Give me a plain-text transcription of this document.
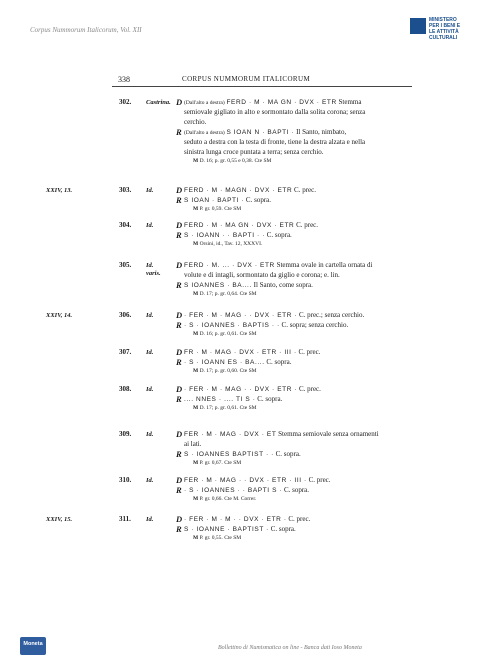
Corpus Nummorum Italicorum, Vol. XII
MINISTERO
PER I BENI E
LE ATTIVITÀ
CULTURALI
338	CORPUS NUMMORUM ITALICORUM
302. Castrina. D (Dall'alto a destra) FERD · M · MA GN · DVX · ETR Stemma
semiovale gigliato in alto e sormontato dalla solita corona; senza
cerchio.
R (Dall'alto a destra) S IOAN N · BAPTI · Il Santo, nimbato,
seduto a destra con la testa di fronte, tiene la destra alzata e nella
sinistra lunga croce puntata a terra; senza cerchio.
M D. 16; p. gr. 0,55 e 0,38. Cte SM
XXIV, 13.	303. Id.	D FERD · M · MAGN · DVX · ETR C. prec.
R S IOAN · BAPTI · C. sopra.
M P. gr. 0,59. Cte SM
304. Id.	D FERD · M · MA GN · DVX · ETR C. prec.
R S · IOANN · · BAPTI · · C. sopra.
M Orsini, id., Tav. 12, XXXVI.
305. Id.
varis.
D FERD · M. ... · DVX · ETR Stemma ovale in cartella ornata di
volute e di intagli, sormontato da giglio e corona; e. lin.
R S IOANNES · BA.... Il Santo, come sopra.
M D. 17; p. gr. 0,64. Cte SM
XXIV, 14.	306. Id.	D · FER · M · MAG · · DVX · ETR · C. prec.; senza cerchio.
R · S · IOANNES · BAPTIS · · C. sopra; senza cerchio.
M D. 16; p. gr. 0,61. Cte SM
307. Id.	D FR · M · MAG · DVX · ETR · III · C. prec.
R · S · IOANN ES · BA.... C. sopra.
M D. 17; p. gr. 0,60. Cte SM
308. Id.	D · FER · M · MAG · · DVX · ETR · C. prec.
R .... NNES · .... TI S · C. sopra.
M D. 17; p. gr. 0,61. Cte SM
309. Id.	D FER · M · MAG · DVX · ET Stemma semiovale senza ornamenti
ai lati.
R S · IOANNES BAPTIST · · C. sopra.
M P. gr. 0,67. Cte SM
310. Id.	D FER · M · MAG · · DVX · ETR · III · C. prec.
R · S · IOANNES · · BAPTI S · C. sopra.
M P. gr. 0,66. Cte M. Correr.
XXIV, 15.	311. Id.	D · FER · M · M · · DVX · ETR · C. prec.
R S · IOANNE · BAPTIST · C. sopra.
M P. gr. 0,55. Cte SM
Moneta
Bollettino di Numismatica on line - Banca dati Ioso Moneta
